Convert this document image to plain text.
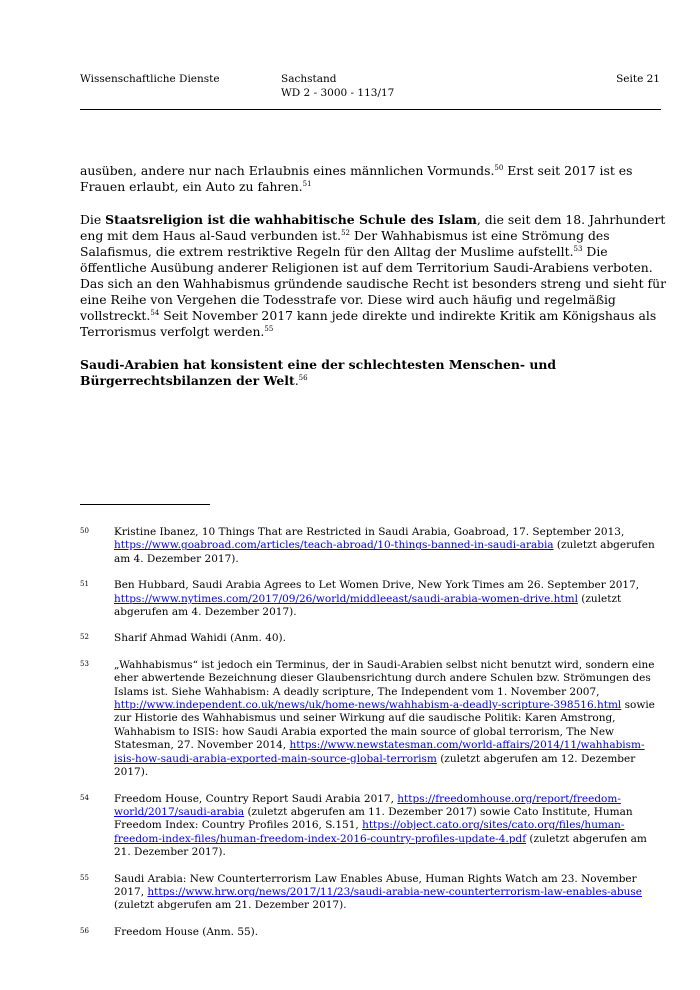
Wissenschaftliche Dienste	Sachstand
WD 2 - 3000 - 113/17
Seite 21

ausüben, andere nur nach Erlaubnis eines männlichen Vormunds.$^{50}$ Erst seit 2017 ist es Frauen erlaubt, ein Auto zu fahren.$^{51}$

Die Staatsreligion ist die wahhabitische Schule des Islam, die seit dem 18. Jahrhundert eng mit dem Haus al-Saud verbunden ist.$^{52}$ Der Wahhabismus ist eine Strömung des Salafismus, die extrem restriktive Regeln für den Alltag der Muslime aufstellt.$^{53}$ Die öffentliche Ausübung anderer Religionen ist auf dem Territorium Saudi-Arabiens verboten. Das sich an den Wahhabismus gründende saudische Recht ist besonders streng und sieht für eine Reihe von Vergehen die Todesstrafe vor. Diese wird auch häufig und regelmäßig vollstreckt.$^{54}$ Seit November 2017 kann jede direkte und indirekte Kritik am Königshaus als Terrorismus verfolgt werden.$^{55}$

Saudi-Arabien hat konsistent eine der schlechtesten Menschen- und Bürgerrechtsbilanzen der Welt.$^{56}$

50 Kristine Ibanez, 10 Things That are Restricted in Saudi Arabia, Goabroad, 17. September 2013, https://www.goabroad.com/articles/teach-abroad/10-things-banned-in-saudi-arabia (zuletzt abgerufen am 4. Dezember 2017).
51 Ben Hubbard, Saudi Arabia Agrees to Let Women Drive, New York Times am 26. September 2017, https://www.nytimes.com/2017/09/26/world/middleeast/saudi-arabia-women-drive.html (zuletzt abgerufen am 4. Dezember 2017).
52 Sharif Ahmad Wahidi (Anm. 40).
53 „Wahhabismus“ ist jedoch ein Terminus, der in Saudi-Arabien selbst nicht benutzt wird, sondern eine eher abwertende Bezeichnung dieser Glaubensrichtung durch andere Schulen bzw. Strömungen des Islams ist. Siehe Wahhabism: A deadly scripture, The Independent vom 1. November 2007, http://www.independent.co.uk/news/uk/home-news/wahhabism-a-deadly-scripture-398516.html sowie zur Historie des Wahhabismus und seiner Wirkung auf die saudische Politik: Karen Amstrong, Wahhabism to ISIS: how Saudi Arabia exported the main source of global terrorism, The New Statesman, 27. November 2014, https://www.newstatesman.com/world-affairs/2014/11/wahhabism-isis-how-saudi-arabia-exported-main-source-global-terrorism (zuletzt abgerufen am 12. Dezember 2017).
54 Freedom House, Country Report Saudi Arabia 2017, https://freedomhouse.org/report/freedom-world/2017/saudi-arabia (zuletzt abgerufen am 11. Dezember 2017) sowie Cato Institute, Human Freedom Index: Country Profiles 2016, S.151, https://object.cato.org/sites/cato.org/files/human-freedom-index-files/human-freedom-index-2016-country-profiles-update-4.pdf (zuletzt abgerufen am 21. Dezember 2017).
55 Saudi Arabia: New Counterterrorism Law Enables Abuse, Human Rights Watch am 23. November 2017, https://www.hrw.org/news/2017/11/23/saudi-arabia-new-counterterrorism-law-enables-abuse (zuletzt abgerufen am 21. Dezember 2017).
56 Freedom House (Anm. 55).
